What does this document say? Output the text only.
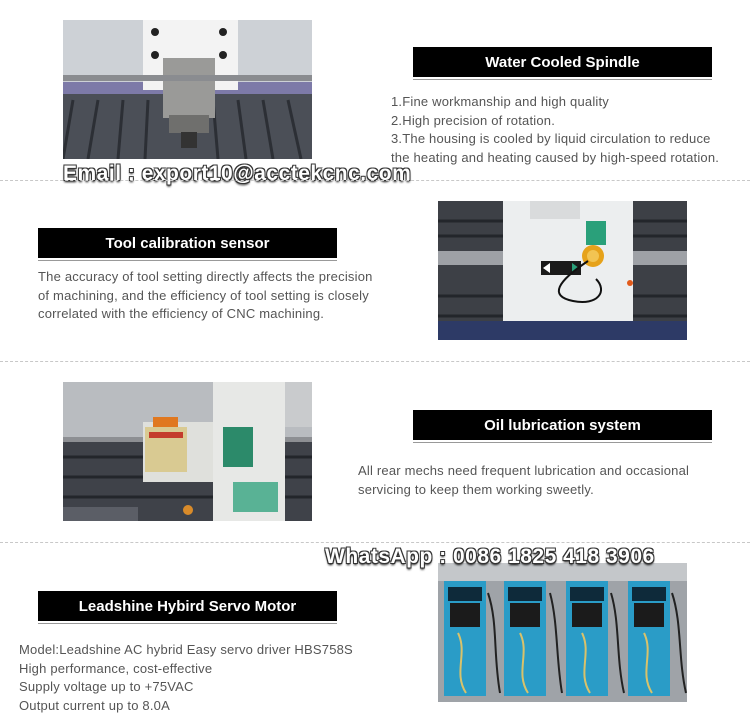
Water Cooled Spindle
1.Fine workmanship and high quality
2.High precision of rotation.
3.The housing is cooled by liquid circulation to reduce
the heating and heating caused by high-speed rotation.
Email : export10@acctekcnc.com
Tool calibration sensor
The accuracy of tool setting directly affects the precision
of machining, and the efficiency of tool setting is closely
correlated with the efficiency of CNC machining.
Oil lubrication system
All rear mechs need frequent lubrication and occasional
servicing to keep them working sweetly.
Leadshine Hybird Servo Motor
Model:Leadshine AC hybrid Easy servo driver HBS758S
High performance, cost-effective
Supply voltage up to +75VAC
Output current up to 8.0A
WhatsApp : 0086 1825 418 3906
